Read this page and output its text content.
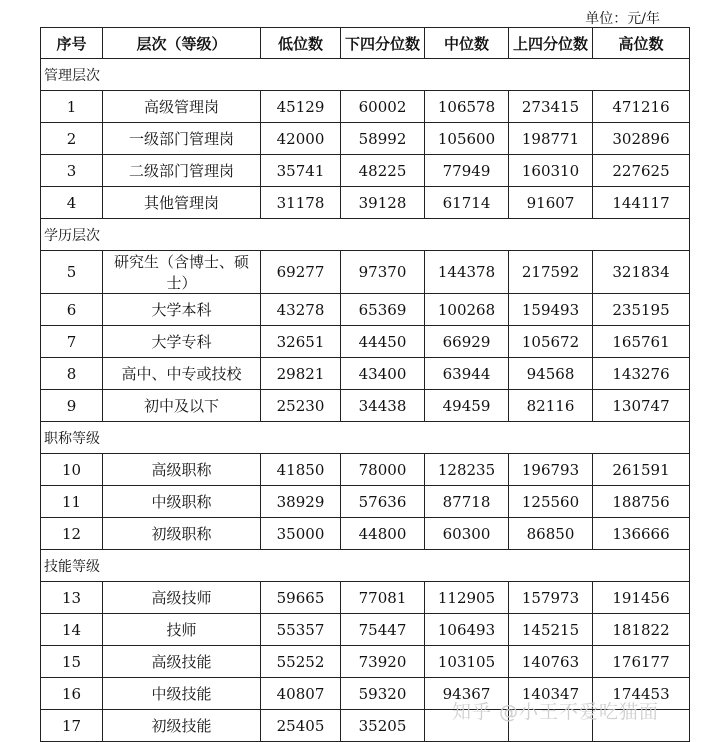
单位：元/年
序号	层次（等级）	低位数	下四分位数	中位数	上四分位数	高位数
管理层次						
1	高级管理岗	45129	60002	106578	273415	471216
2	一级部门管理岗	42000	58992	105600	198771	302896
3	二级部门管理岗	35741	48225	77949	160310	227625
4	其他管理岗	31178	39128	61714	91607	144117
学历层次						
5	研究生（含博士、硕士）	69277	97370	144378	217592	321834
6	大学本科	43278	65369	100268	159493	235195
7	大学专科	32651	44450	66929	105672	165761
8	高中、中专或技校	29821	43400	63944	94568	143276
9	初中及以下	25230	34438	49459	82116	130747
职称等级						
10	高级职称	41850	78000	128235	196793	261591
11	中级职称	38929	57636	87718	125560	188756
12	初级职称	35000	44800	60300	86850	136666
技能等级						
13	高级技师	59665	77081	112905	157973	191456
14	技师	55357	75447	106493	145215	181822
15	高级技能	55252	73920	103105	140763	176177
16	中级技能	40807	59320	94367	140347	174453
17	初级技能	25405	35205			
知乎 @小王不爱吃猫面
